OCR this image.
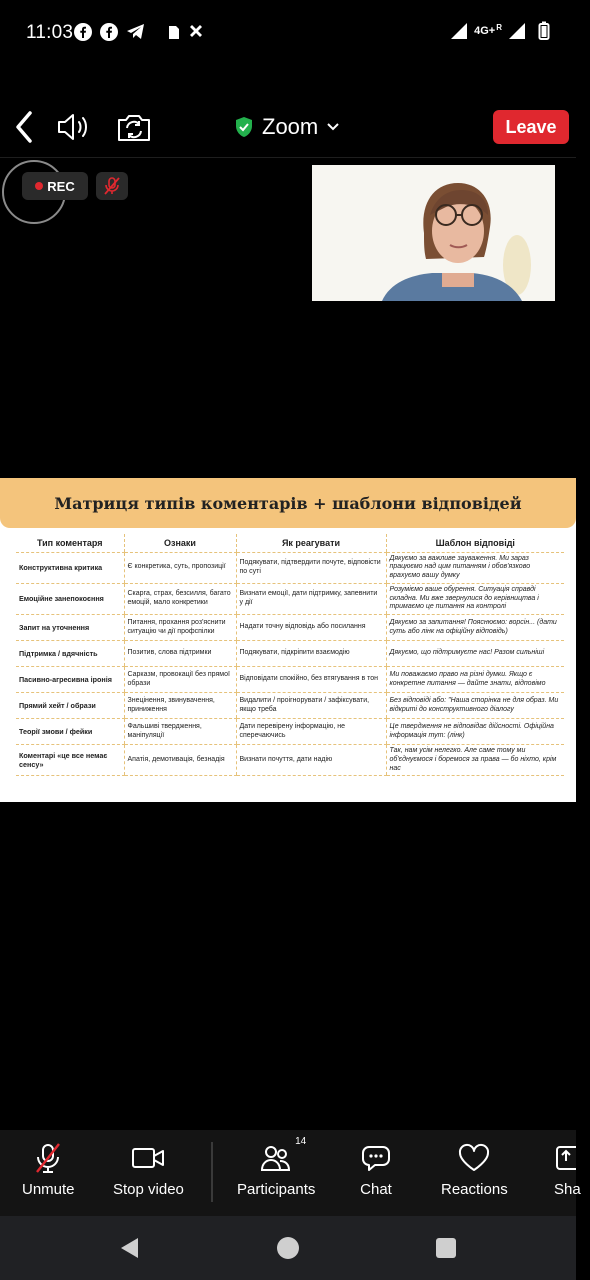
11:03	4G+ R
Zoom	Leave
REC
Матриця типів коментарів + шаблони відповідей
Тип коментаря	Ознаки	Як реагувати	Шаблон відповіді
Конструктивна критика	Є конкретика, суть, пропозиції	Подякувати, підтвердити почуте, відповісти по суті	Дякуємо за важливе зауваження. Ми зараз працюємо над цим питанням і обов'язково врахуємо вашу думку
Емоційне занепокоєння	Скарга, страх, безсилля, багато емоцій, мало конкретики	Визнати емоції, дати підтримку, запевнити у дії	Розуміємо ваше обурення. Ситуація справді складна. Ми вже звернулися до керівництва і тримаємо це питання на контролі
Запит на уточнення	Питання, прохання роз'яснити ситуацію чи дії профспілки	Надати точну відповідь або посилання	Дякуємо за запитання! Пояснюємо: ворсін... (дати суть або лінк на офіційну відповідь)
Підтримка / вдячність	Позитив, слова підтримки	Подякувати, підкріпити взаємодію	Дякуємо, що підтримуєте нас! Разом сильніші
Пасивно-агресивна іронія	Сарказм, провокації без прямої образи	Відповідати спокійно, без втягування в тон	Ми поважаємо право на різні думки. Якщо є конкретне питання — дайте знати, відповімо
Прямий хейт / образи	Знецінення, звинувачення, приниження	Видалити / проігнорувати / зафіксувати, якщо треба	Без відповіді або: "Наша сторінка не для образ. Ми відкриті до конструктивного діалогу
Теорії змови / фейки	Фальшиві твердження, маніпуляції	Дати перевірену інформацію, не сперечаючись	Це твердження не відповідає дійсності. Офіційна інформація тут: (лінк)
Коментарі «це все немає сенсу»	Апатія, демотивація, безнадія	Визнати почуття, дати надію	Так, нам усім нелегко. Але саме тому ми об'єднуємося і боремося за права — бо ніхто, крім нас
Unmute	Stop video
14
Participants	Chat	Reactions	Sha
